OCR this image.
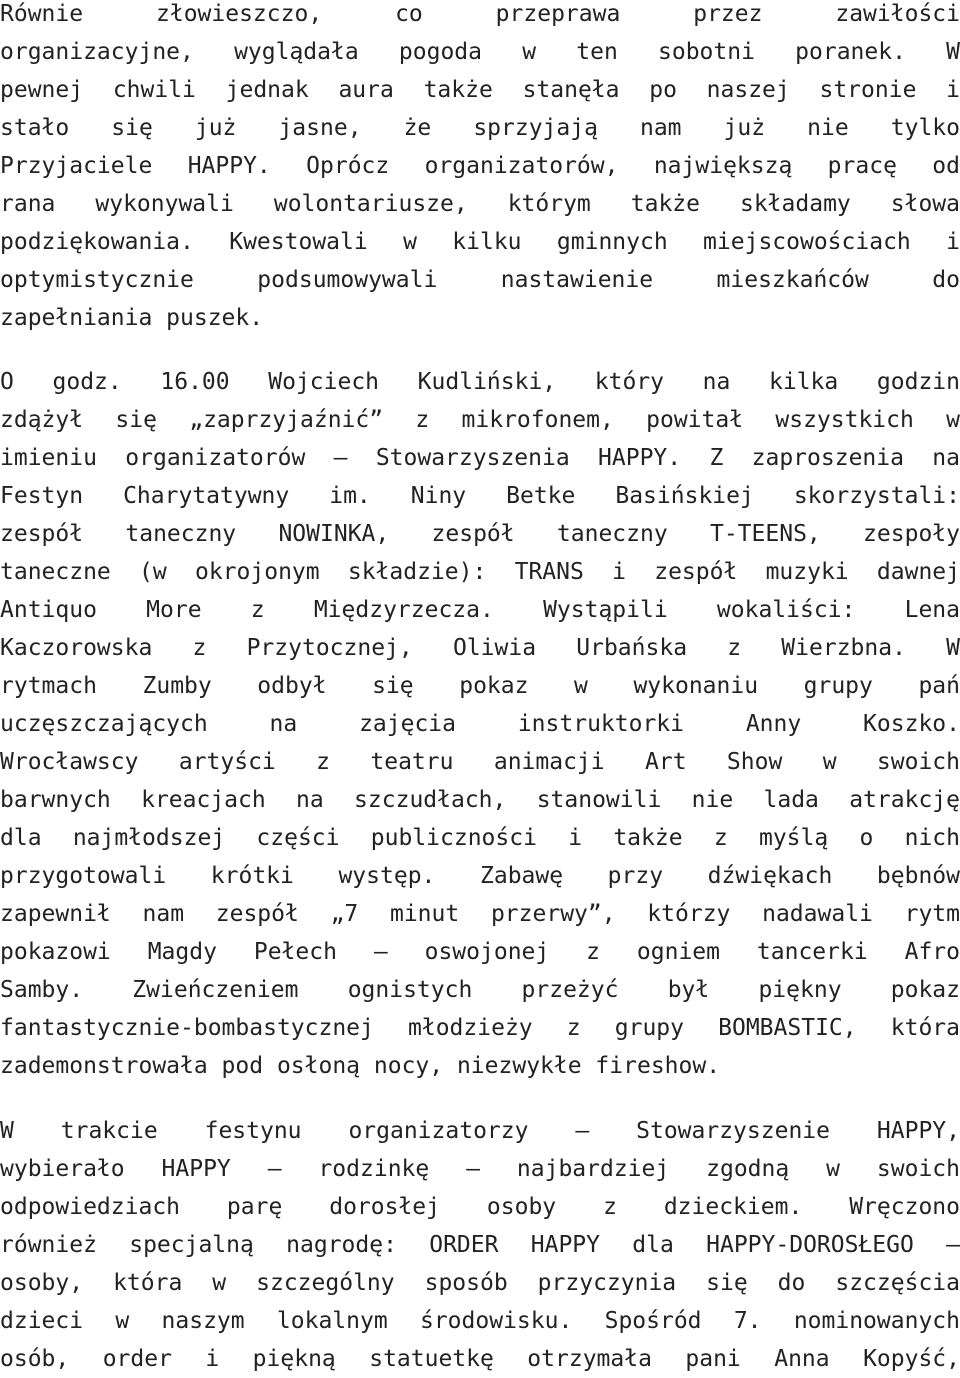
Równie złowieszczo, co przeprawa przez zawiłości
organizacyjne, wyglądała pogoda w ten sobotni poranek. W
pewnej chwili jednak aura także stanęła po naszej stronie i
stało się już jasne, że sprzyjają nam już nie tylko
Przyjaciele HAPPY. Oprócz organizatorów, największą pracę od
rana wykonywali wolontariusze, którym także składamy słowa
podziękowania. Kwestowali w kilku gminnych miejscowościach i
optymistycznie podsumowywali nastawienie mieszkańców do
zapełniania puszek.
O godz. 16.00 Wojciech Kudliński, który na kilka godzin
zdążył się „zaprzyjaźnić” z mikrofonem, powitał wszystkich w
imieniu organizatorów – Stowarzyszenia HAPPY. Z zaproszenia na
Festyn Charytatywny im. Niny Betke Basińskiej skorzystali:
zespół taneczny NOWINKA, zespół taneczny T-TEENS, zespoły
taneczne (w okrojonym składzie): TRANS i zespół muzyki dawnej
Antiquo More z Międzyrzecza. Wystąpili wokaliści: Lena
Kaczorowska z Przytocznej, Oliwia Urbańska z Wierzbna. W
rytmach Zumby odbył się pokaz w wykonaniu grupy pań
uczęszczających na zajęcia instruktorki Anny Koszko.
Wrocławscy artyści z teatru animacji Art Show w swoich
barwnych kreacjach na szczudłach, stanowili nie lada atrakcję
dla najmłodszej części publiczności i także z myślą o nich
przygotowali krótki występ. Zabawę przy dźwiękach bębnów
zapewnił nam zespół „7 minut przerwy”, którzy nadawali rytm
pokazowi Magdy Pełech – oswojonej z ogniem tancerki Afro
Samby. Zwieńczeniem ognistych przeżyć był piękny pokaz
fantastycznie-bombastycznej młodzieży z grupy BOMBASTIC, która
zademonstrowała pod osłoną nocy, niezwykłe fireshow.
W trakcie festynu organizatorzy – Stowarzyszenie HAPPY,
wybierało HAPPY – rodzinkę – najbardziej zgodną w swoich
odpowiedziach parę dorosłej osoby z dzieckiem. Wręczono
również specjalną nagrodę: ORDER HAPPY dla HAPPY-DOROSŁEGO –
osoby, która w szczególny sposób przyczynia się do szczęścia
dzieci w naszym lokalnym środowisku. Spośród 7. nominowanych
osób, order i piękną statuetkę otrzymała pani Anna Kopyść,
